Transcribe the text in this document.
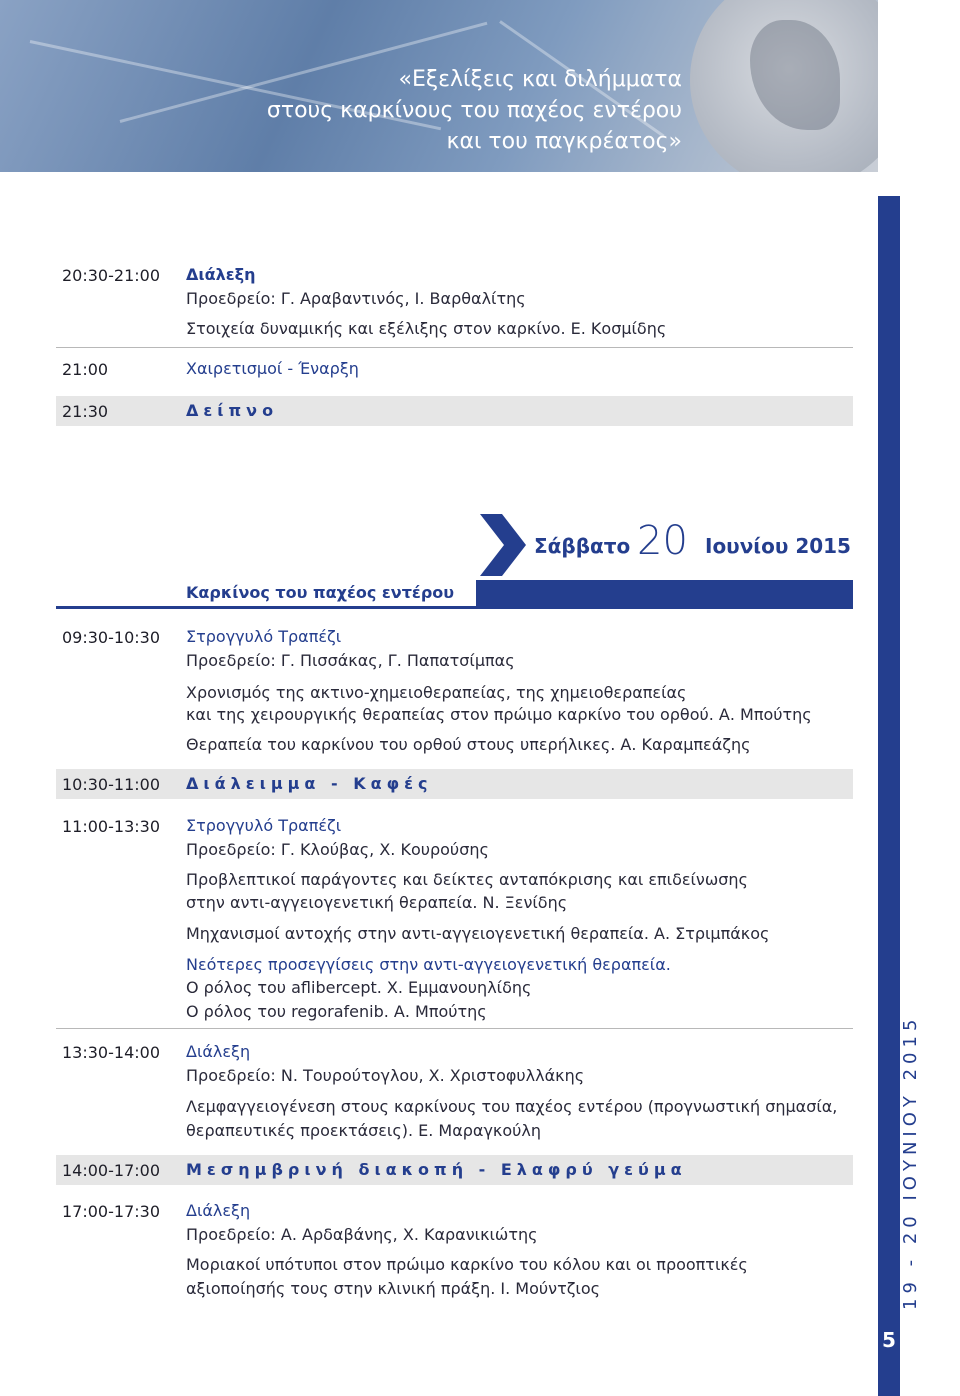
«Εξελίξεις και διλήμματα
στους καρκίνους του παχέος εντέρου
και του παγκρέατος»
19 - 20 ΙΟΥΝΙΟΥ 2015
5
20:30-21:00 Διάλεξη
Προεδρείο: Γ. Αραβαντινός, Ι. Βαρθαλίτης
Στοιχεία δυναμικής και εξέλιξης στον καρκίνο. Ε. Κοσμίδης
21:00	Χαιρετισμοί - Έναρξη
21:30	Δείπνο
Σάββατο 20 Ιουνίου 2015
Καρκίνος του παχέος εντέρου
09:30-10:30 Στρογγυλό Τραπέζι
Προεδρείο: Γ. Πισσάκας, Γ. Παπατσίμπας
Χρονισμός της ακτινο-χημειοθεραπείας, της χημειοθεραπείας
και της χειρουργικής θεραπείας στον πρώιμο καρκίνο του ορθού. Α. Μπούτης
Θεραπεία του καρκίνου του ορθού στους υπερήλικες. Α. Καραμπεάζης
10:30-11:00 Διάλειμμα - Καφές
11:00-13:30 Στρογγυλό Τραπέζι
Προεδρείο: Γ. Κλούβας, Χ. Κουρούσης
Προβλεπτικοί παράγοντες και δείκτες ανταπόκρισης και επιδείνωσης
στην αντι-αγγειογενετική θεραπεία. Ν. Ξενίδης
Μηχανισμοί αντοχής στην αντι-αγγειογενετική θεραπεία. Α. Στριμπάκος
Νεότερες προσεγγίσεις στην αντι-αγγειογενετική θεραπεία.
Ο ρόλος του aflibercept. Χ. Εμμανουηλίδης
Ο ρόλος του regorafenib. Α. Μπούτης
13:30-14:00 Διάλεξη
Προεδρείο: Ν. Τουρούτογλου, Χ. Χριστοφυλλάκης
Λεμφαγγειογένεση στους καρκίνους του παχέος εντέρου (προγνωστική σημασία,
θεραπευτικές προεκτάσεις). Ε. Μαραγκούλη
14:00-17:00 Μεσημβρινή διακοπή - Ελαφρύ γεύμα
17:00-17:30 Διάλεξη
Προεδρείο: Α. Αρδαβάνης, Χ. Καρανικιώτης
Μοριακοί υπότυποι στον πρώιμο καρκίνο του κόλου και οι προοπτικές
αξιοποίησής τους στην κλινική πράξη. Ι. Μούντζιος
